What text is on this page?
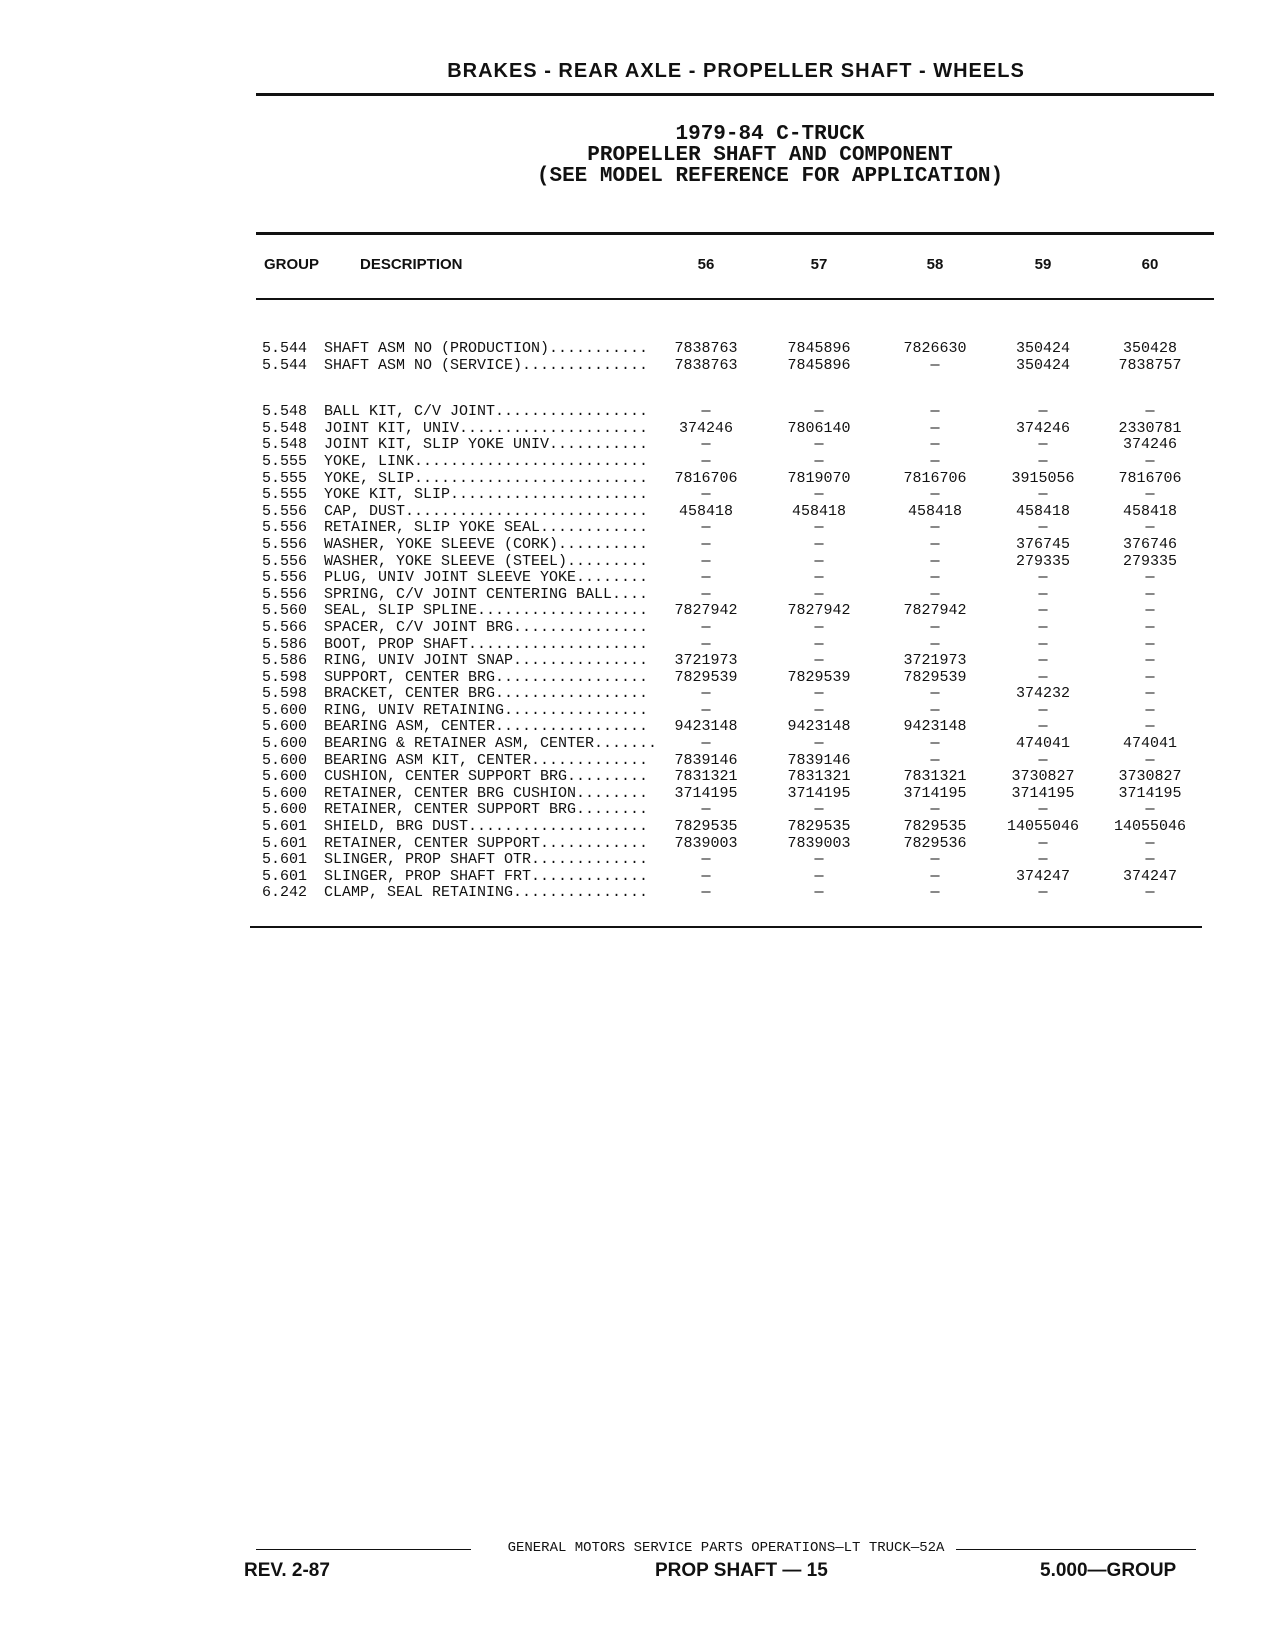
BRAKES - REAR AXLE - PROPELLER SHAFT - WHEELS
1979-84 C-TRUCK
PROPELLER SHAFT AND COMPONENT
(SEE MODEL REFERENCE FOR APPLICATION)
GROUP	DESCRIPTION	56	57	58	59	60
5.544 SHAFT ASM NO (PRODUCTION)...........	7838763	7845896	7826630	350424	350428
5.544 SHAFT ASM NO (SERVICE)..............	7838763	7845896	—	350424	7838757
5.548 BALL KIT, C/V JOINT.................	—	—	—	—	—
5.548 JOINT KIT, UNIV.....................	374246	7806140	—	374246	2330781
5.548 JOINT KIT, SLIP YOKE UNIV...........	—	—	—	—	374246
5.555 YOKE, LINK..........................	—	—	—	—	—
5.555 YOKE, SLIP..........................	7816706	7819070	7816706	3915056	7816706
5.555 YOKE KIT, SLIP......................	—	—	—	—	—
5.556 CAP, DUST...........................	458418	458418	458418	458418	458418
5.556 RETAINER, SLIP YOKE SEAL............	—	—	—	—	—
5.556 WASHER, YOKE SLEEVE (CORK)..........	—	—	—	376745	376746
5.556 WASHER, YOKE SLEEVE (STEEL).........	—	—	—	279335	279335
5.556 PLUG, UNIV JOINT SLEEVE YOKE........	—	—	—	—	—
5.556 SPRING, C/V JOINT CENTERING BALL....	—	—	—	—	—
5.560 SEAL, SLIP SPLINE...................	7827942	7827942	7827942	—	—
5.566 SPACER, C/V JOINT BRG...............	—	—	—	—	—
5.586 BOOT, PROP SHAFT....................	—	—	—	—	—
5.586 RING, UNIV JOINT SNAP...............	3721973	—	3721973	—	—
5.598 SUPPORT, CENTER BRG.................	7829539	7829539	7829539	—	—
5.598 BRACKET, CENTER BRG.................	—	—	—	374232	—
5.600 RING, UNIV RETAINING................	—	—	—	—	—
5.600 BEARING ASM, CENTER.................	9423148	9423148	9423148	—	—
5.600 BEARING & RETAINER ASM, CENTER.......	—	—	—	474041	474041
5.600 BEARING ASM KIT, CENTER.............	7839146	7839146	—	—	—
5.600 CUSHION, CENTER SUPPORT BRG.........	7831321	7831321	7831321	3730827	3730827
5.600 RETAINER, CENTER BRG CUSHION........	3714195	3714195	3714195	3714195	3714195
5.600 RETAINER, CENTER SUPPORT BRG........	—	—	—	—	—
5.601 SHIELD, BRG DUST....................	7829535	7829535	7829535	14055046	14055046
5.601 RETAINER, CENTER SUPPORT............	7839003	7839003	7829536	—	—
5.601 SLINGER, PROP SHAFT OTR.............	—	—	—	—	—
5.601 SLINGER, PROP SHAFT FRT.............	—	—	—	374247	374247
6.242 CLAMP, SEAL RETAINING...............	—	—	—	—	—
GENERAL MOTORS SERVICE PARTS OPERATIONS—LT TRUCK—52A
REV. 2-87	PROP SHAFT — 15	5.000—GROUP
